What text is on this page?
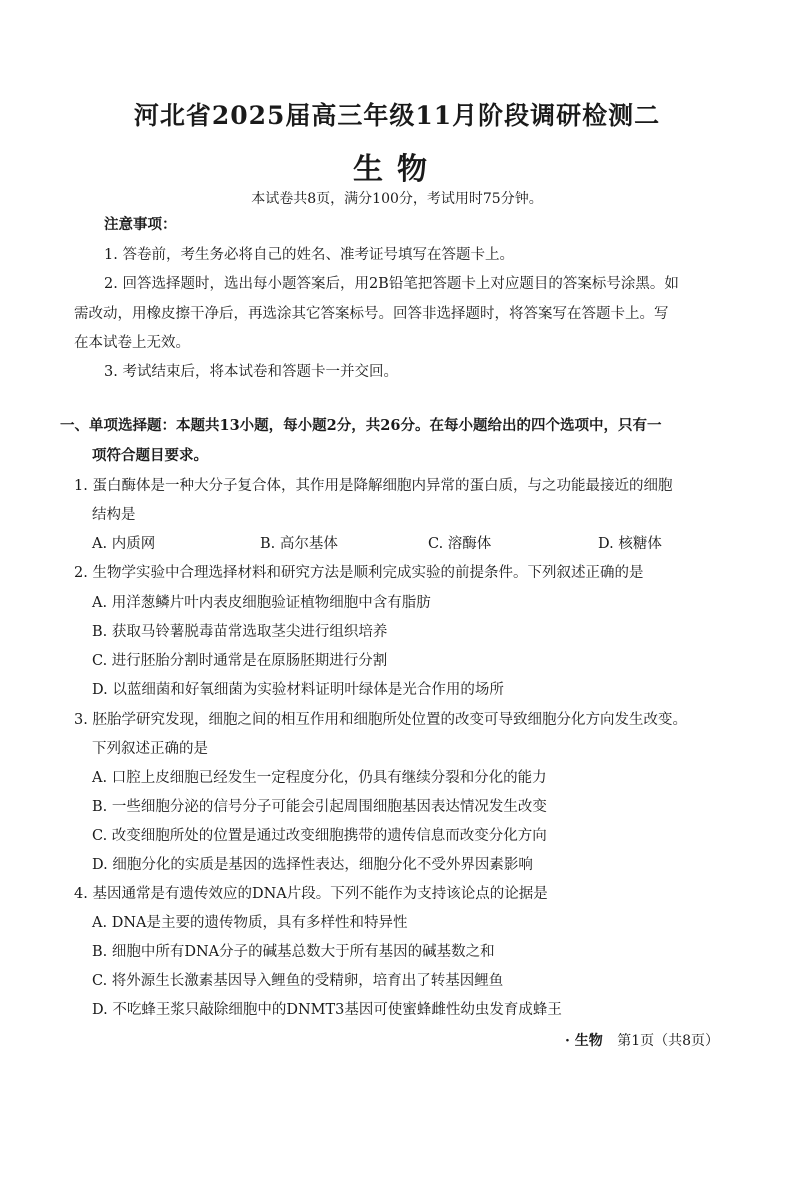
河北省2025届高三年级11月阶段调研检测二
生物
本试卷共8页，满分100分，考试用时75分钟。
注意事项：
1. 答卷前，考生务必将自己的姓名、准考证号填写在答题卡上。
2. 回答选择题时，选出每小题答案后，用2B铅笔把答题卡上对应题目的答案标号涂黑。如
需改动，用橡皮擦干净后，再选涂其它答案标号。回答非选择题时，将答案写在答题卡上。写
在本试卷上无效。
3. 考试结束后，将本试卷和答题卡一并交回。
一、单项选择题：本题共13小题，每小题2分，共26分。在每小题给出的四个选项中，只有一
项符合题目要求。
1. 蛋白酶体是一种大分子复合体，其作用是降解细胞内异常的蛋白质，与之功能最接近的细胞
结构是
A. 内质网	B. 高尔基体	C. 溶酶体	D. 核糖体
2. 生物学实验中合理选择材料和研究方法是顺利完成实验的前提条件。下列叙述正确的是
A. 用洋葱鳞片叶内表皮细胞验证植物细胞中含有脂肪
B. 获取马铃薯脱毒苗常选取茎尖进行组织培养
C. 进行胚胎分割时通常是在原肠胚期进行分割
D. 以蓝细菌和好氧细菌为实验材料证明叶绿体是光合作用的场所
3. 胚胎学研究发现，细胞之间的相互作用和细胞所处位置的改变可导致细胞分化方向发生改变。
下列叙述正确的是
A. 口腔上皮细胞已经发生一定程度分化，仍具有继续分裂和分化的能力
B. 一些细胞分泌的信号分子可能会引起周围细胞基因表达情况发生改变
C. 改变细胞所处的位置是通过改变细胞携带的遗传信息而改变分化方向
D. 细胞分化的实质是基因的选择性表达，细胞分化不受外界因素影响
4. 基因通常是有遗传效应的DNA片段。下列不能作为支持该论点的论据是
A. DNA是主要的遗传物质，具有多样性和特异性
B. 细胞中所有DNA分子的碱基总数大于所有基因的碱基数之和
C. 将外源生长激素基因导入鲤鱼的受精卵，培育出了转基因鲤鱼
D. 不吃蜂王浆只敲除细胞中的DNMT3基因可使蜜蜂雌性幼虫发育成蜂王
· 生物 第1页（共8页）
